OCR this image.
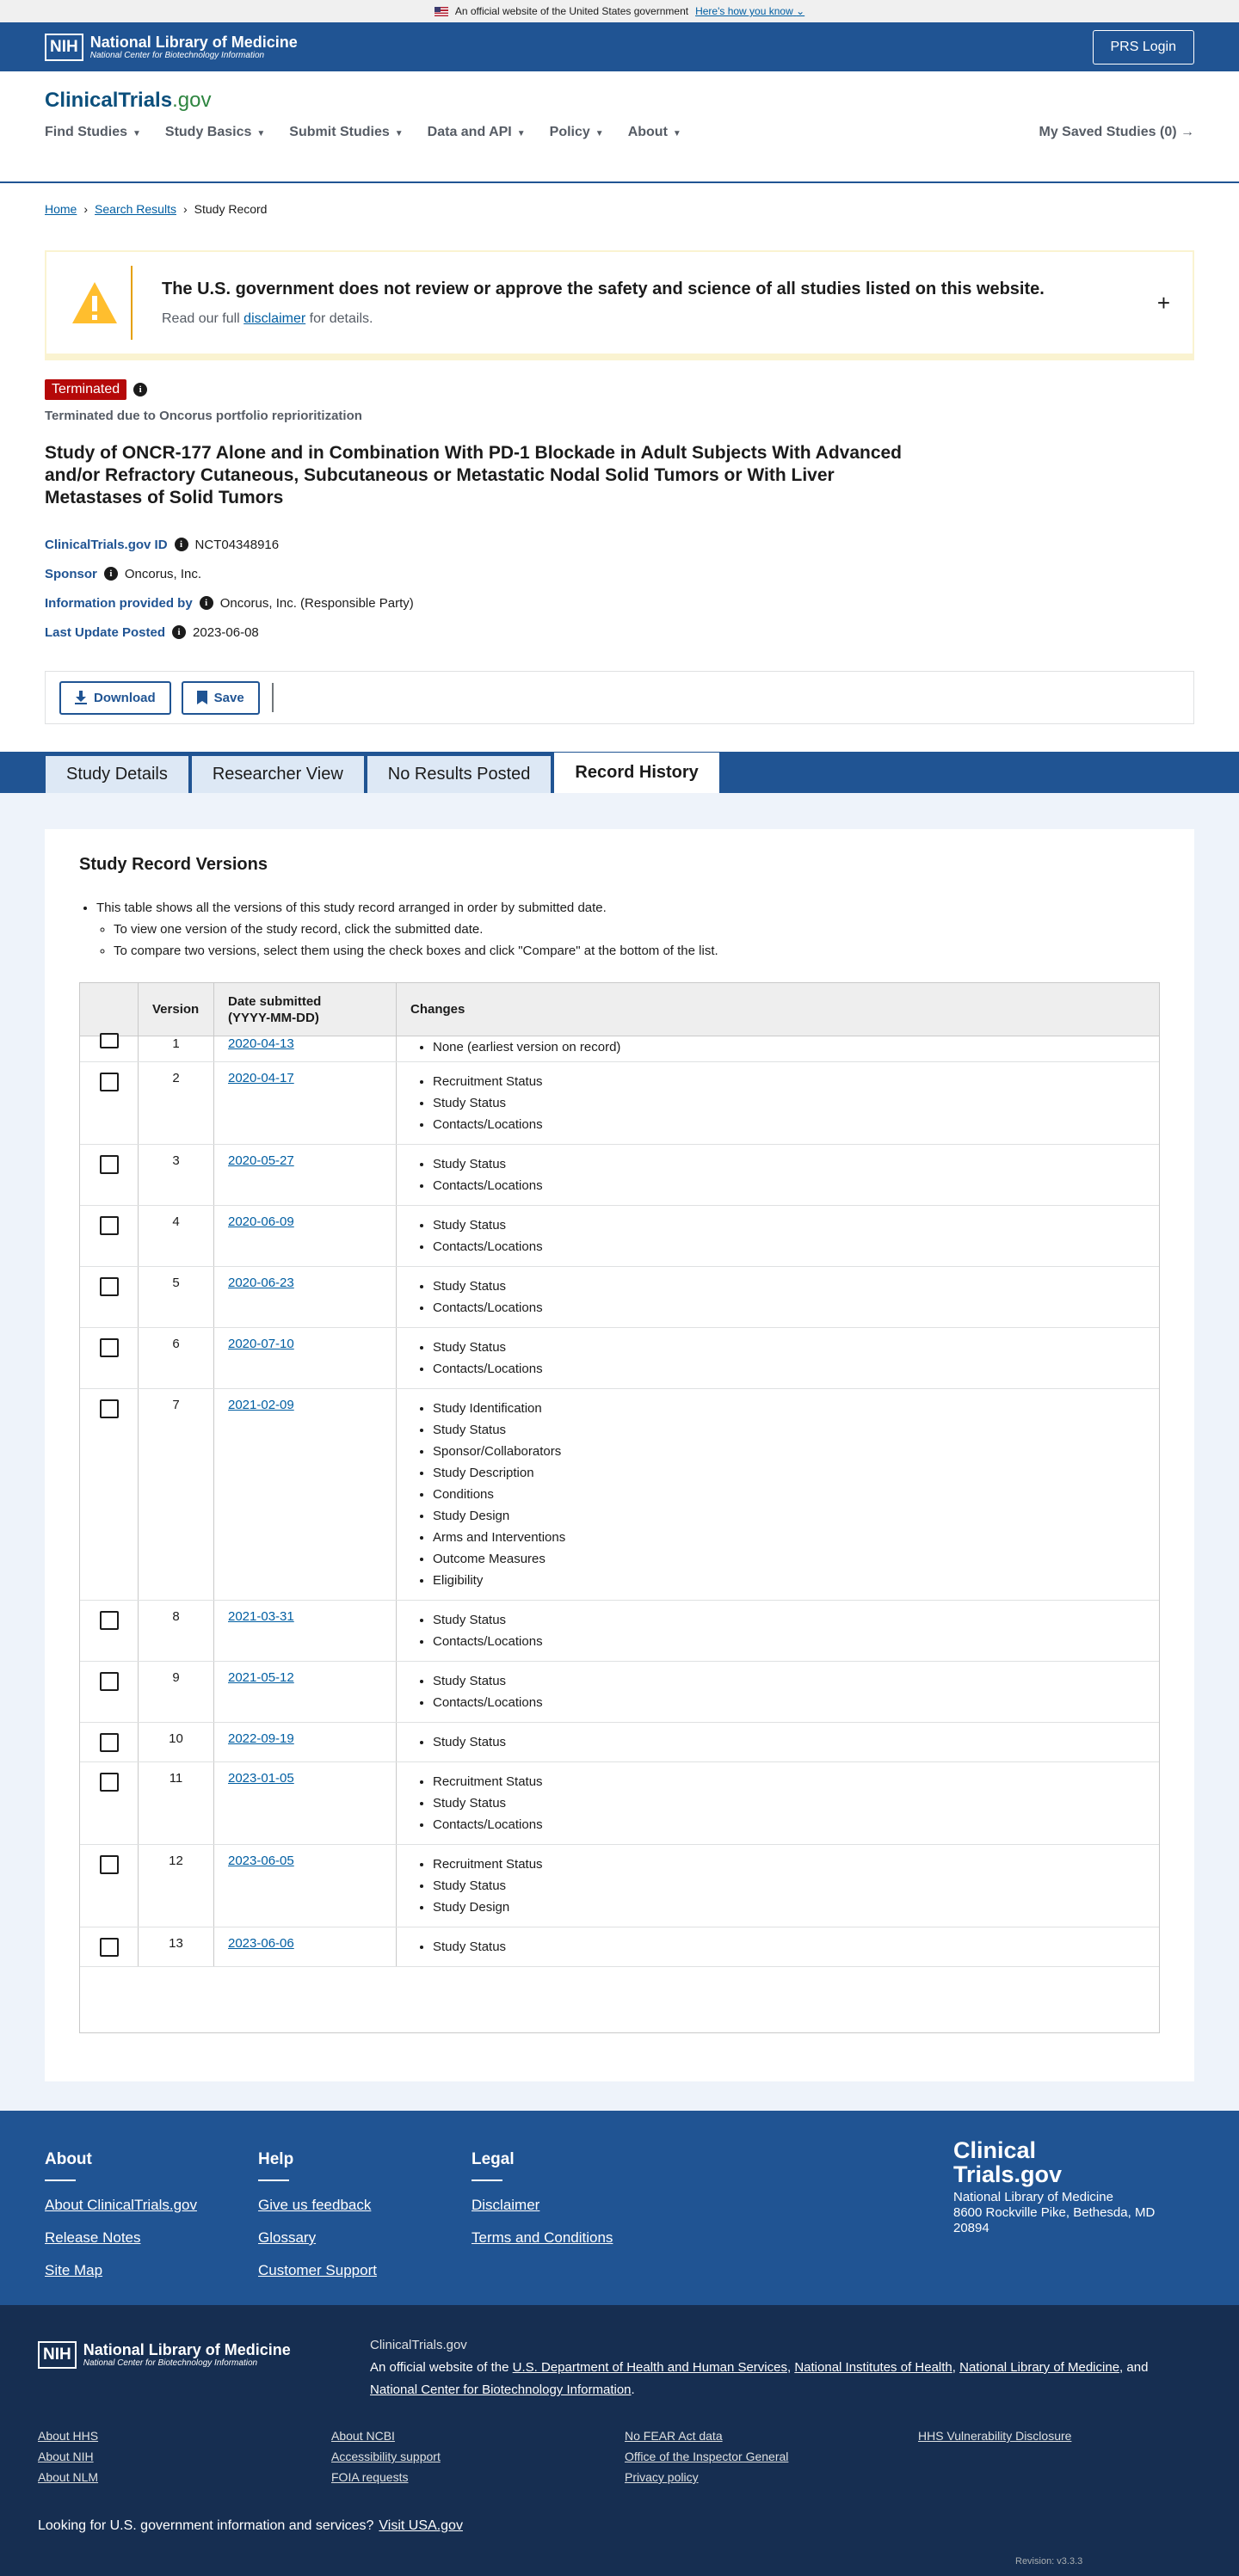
An official website of the United States government Here's how you know ⌄
NIH National Library of Medicine
National Center for Biotechnology Information
PRS Login
ClinicalTrials.gov
Find Studies ▼ Study Basics ▼ Submit Studies ▼ Data and API ▼ Policy ▼ About ▼	My Saved Studies (0) →
Home › Search Results › Study Record
The U.S. government does not review or approve the safety and science of all studies listed on this website.
Read our full disclaimer for details.
+
Terminated	i
Terminated due to Oncorus portfolio reprioritization
Study of ONCR-177 Alone and in Combination With PD-1 Blockade in Adult Subjects With Advanced and/or Refractory Cutaneous, Subcutaneous or Metastatic Nodal Solid Tumors or With Liver Metastases of Solid Tumors
ClinicalTrials.gov ID	i NCT04348916
Sponsor	i Oncorus, Inc.
Information provided by	i Oncorus, Inc. (Responsible Party)
Last Update Posted	i 2023-06-08
Download	Save
Study Details	Researcher View	No Results Posted	Record History
Study Record Versions
• This table shows all the versions of this study record arranged in order by submitted date.
◦ To view one version of the study record, click the submitted date.
◦ To compare two versions, select them using the check boxes and click "Compare" at the bottom of the list.
Version
Date submitted
(YYYY-MM-DD)
Changes
1	2020-04-13	• None (earliest version on record)
2	2020-04-17	• Recruitment Status
• Study Status
• Contacts/Locations
3	2020-05-27	• Study Status
• Contacts/Locations
4	2020-06-09	• Study Status
• Contacts/Locations
5	2020-06-23	• Study Status
• Contacts/Locations
6	2020-07-10	• Study Status
• Contacts/Locations
7	2021-02-09	• Study Identification
• Study Status
• Sponsor/Collaborators
• Study Description
• Conditions
• Study Design
• Arms and Interventions
• Outcome Measures
• Eligibility
8	2021-03-31	• Study Status
• Contacts/Locations
9	2021-05-12	• Study Status
• Contacts/Locations
10	2022-09-19	• Study Status
11	2023-01-05	• Recruitment Status
• Study Status
• Contacts/Locations
12	2023-06-05	• Recruitment Status
• Study Status
• Study Design
13	2023-06-06	• Study Status
About
About ClinicalTrials.gov
Release Notes
Site Map
Help
Give us feedback
Glossary
Customer Support
Legal
Disclaimer
Terms and Conditions
Clinical
Trials.gov
National Library of Medicine
8600 Rockville Pike, Bethesda, MD
20894
NIH National Library of Medicine
National Center for Biotechnology Information
ClinicalTrials.gov
An official website of the U.S. Department of Health and Human Services, National Institutes of Health, National Library of Medicine, and National Center for Biotechnology Information.
About HHS	About NCBI	No FEAR Act data	HHS Vulnerability Disclosure
About NIH	Accessibility support	Office of the Inspector General
About NLM	FOIA requests	Privacy policy
Looking for U.S. government information and services? Visit USA.gov
Revision: v3.3.3
